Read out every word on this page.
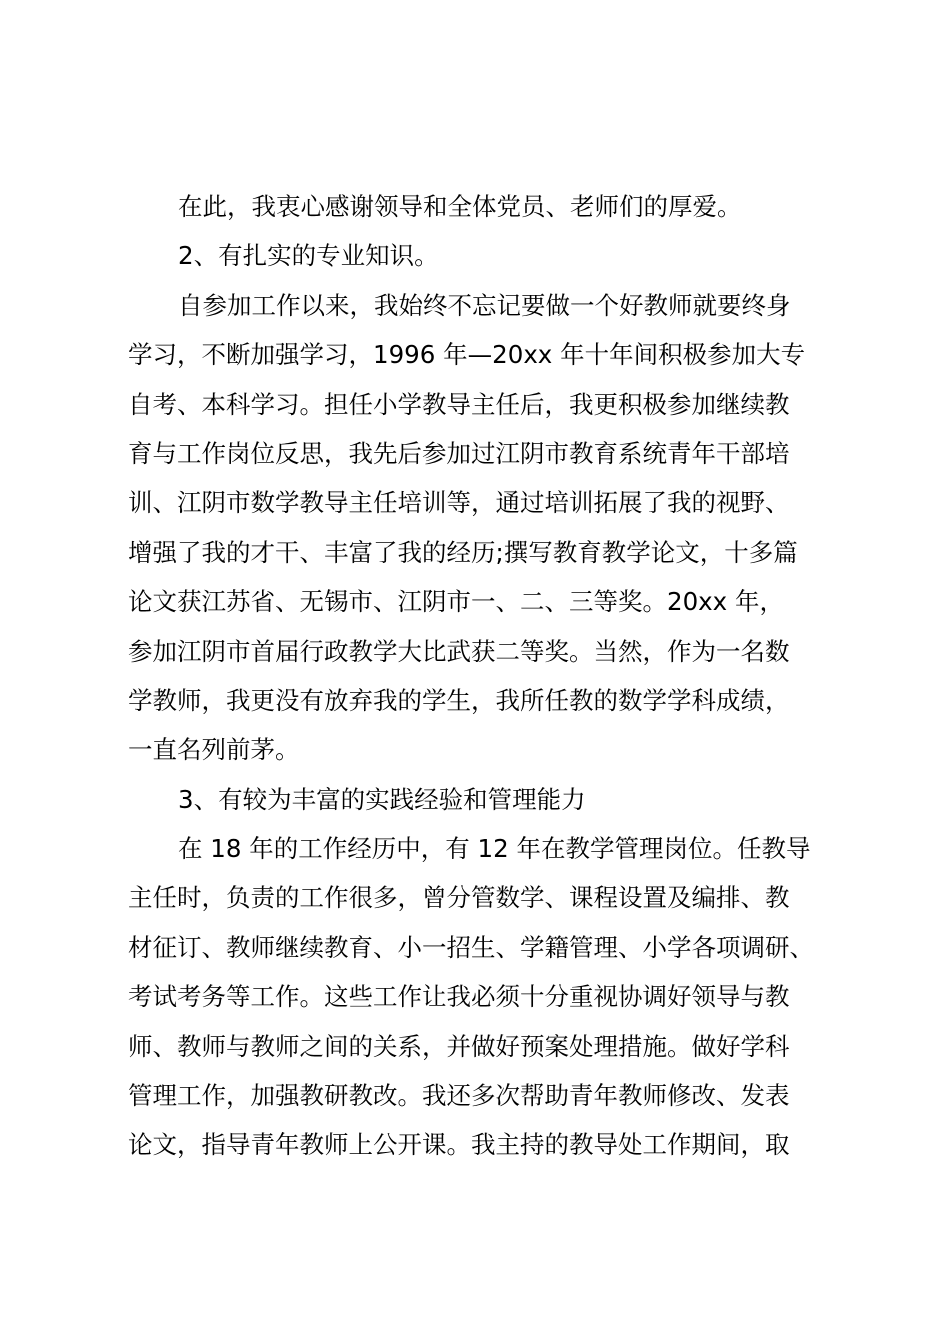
在此，我衷心感谢领导和全体党员、老师们的厚爱。

2、有扎实的专业知识。

自参加工作以来，我始终不忘记要做一个好教师就要终身

学习，不断加强学习，1996 年—20xx 年十年间积极参加大专

自考、本科学习。担任小学教导主任后，我更积极参加继续教

育与工作岗位反思，我先后参加过江阴市教育系统青年干部培

训、江阴市数学教导主任培训等，通过培训拓展了我的视野、

增强了我的才干、丰富了我的经历;撰写教育教学论文，十多篇

论文获江苏省、无锡市、江阴市一、二、三等奖。20xx 年，

参加江阴市首届行政教学大比武获二等奖。当然，作为一名数

学教师，我更没有放弃我的学生，我所任教的数学学科成绩，

一直名列前茅。

3、有较为丰富的实践经验和管理能力

在 18 年的工作经历中，有 12 年在教学管理岗位。任教导

主任时，负责的工作很多，曾分管数学、课程设置及编排、教

材征订、教师继续教育、小一招生、学籍管理、小学各项调研、

考试考务等工作。这些工作让我必须十分重视协调好领导与教

师、教师与教师之间的关系，并做好预案处理措施。做好学科

管理工作，加强教研教改。我还多次帮助青年教师修改、发表

论文，指导青年教师上公开课。我主持的教导处工作期间，取
